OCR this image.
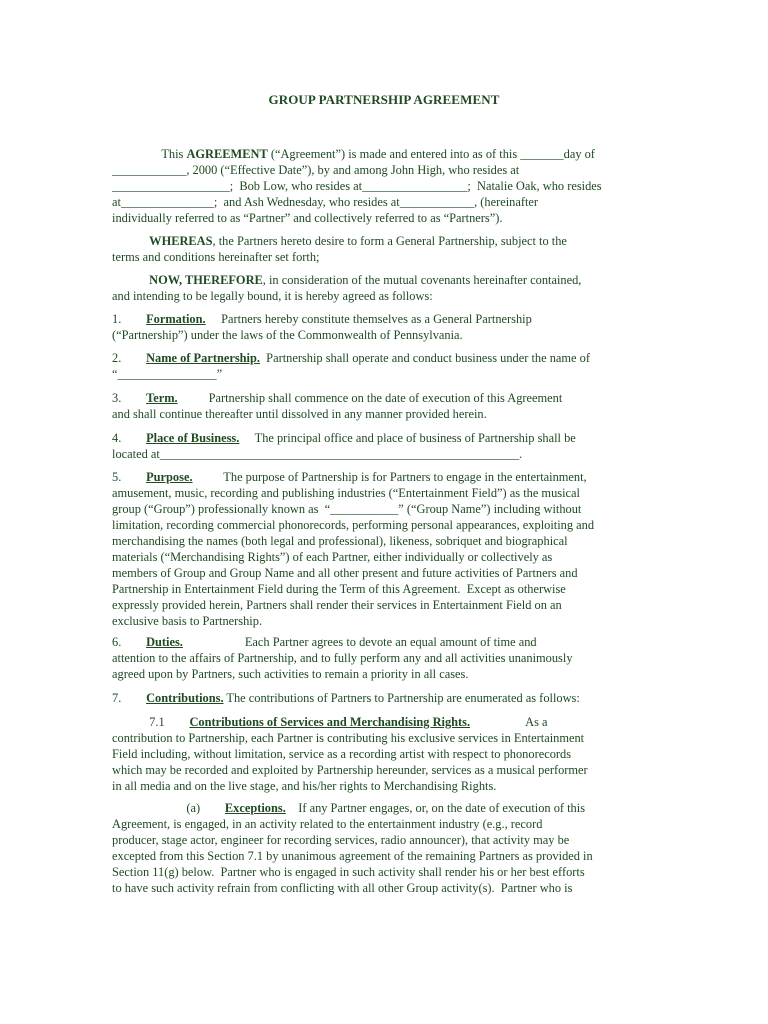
GROUP PARTNERSHIP AGREEMENT
This AGREEMENT (“Agreement”) is made and entered into as of this _______day of
____________, 2000 (“Effective Date”), by and among John High, who resides at
___________________;  Bob Low, who resides at_________________;  Natalie Oak, who resides
at_______________;  and Ash Wednesday, who resides at____________, (hereinafter
individually referred to as “Partner” and collectively referred to as “Partners”).
WHEREAS, the Partners hereto desire to form a General Partnership, subject to the
terms and conditions hereinafter set forth;
NOW, THEREFORE, in consideration of the mutual covenants hereinafter contained,
and intending to be legally bound, it is hereby agreed as follows:
1.        Formation.     Partners hereby constitute themselves as a General Partnership
(“Partnership”) under the laws of the Commonwealth of Pennsylvania.
2.        Name of Partnership.  Partnership shall operate and conduct business under the name of
“________________”
3.        Term.          Partnership shall commence on the date of execution of this Agreement
and shall continue thereafter until dissolved in any manner provided herein.
4.        Place of Business.     The principal office and place of business of Partnership shall be
located at__________________________________________________________.
5.        Purpose.          The purpose of Partnership is for Partners to engage in the entertainment,
amusement, music, recording and publishing industries (“Entertainment Field”) as the musical
group (“Group”) professionally known as  “___________” (“Group Name”) including without
limitation, recording commercial phonorecords, performing personal appearances, exploiting and
merchandising the names (both legal and professional), likeness, sobriquet and biographical
materials (“Merchandising Rights”) of each Partner, either individually or collectively as
members of Group and Group Name and all other present and future activities of Partners and
Partnership in Entertainment Field during the Term of this Agreement.  Except as otherwise
expressly provided herein, Partners shall render their services in Entertainment Field on an
exclusive basis to Partnership.
6.        Duties.                    Each Partner agrees to devote an equal amount of time and
attention to the affairs of Partnership, and to fully perform any and all activities unanimously
agreed upon by Partners, such activities to remain a priority in all cases.
7.        Contributions. The contributions of Partners to Partnership are enumerated as follows:
7.1        Contributions of Services and Merchandising Rights.                  As a
contribution to Partnership, each Partner is contributing his exclusive services in Entertainment
Field including, without limitation, service as a recording artist with respect to phonorecords
which may be recorded and exploited by Partnership hereunder, services as a musical performer
in all media and on the live stage, and his/her rights to Merchandising Rights.
(a)        Exceptions.    If any Partner engages, or, on the date of execution of this
Agreement, is engaged, in an activity related to the entertainment industry (e.g., record
producer, stage actor, engineer for recording services, radio announcer), that activity may be
excepted from this Section 7.1 by unanimous agreement of the remaining Partners as provided in
Section 11(g) below.  Partner who is engaged in such activity shall render his or her best efforts
to have such activity refrain from conflicting with all other Group activity(s).  Partner who is
